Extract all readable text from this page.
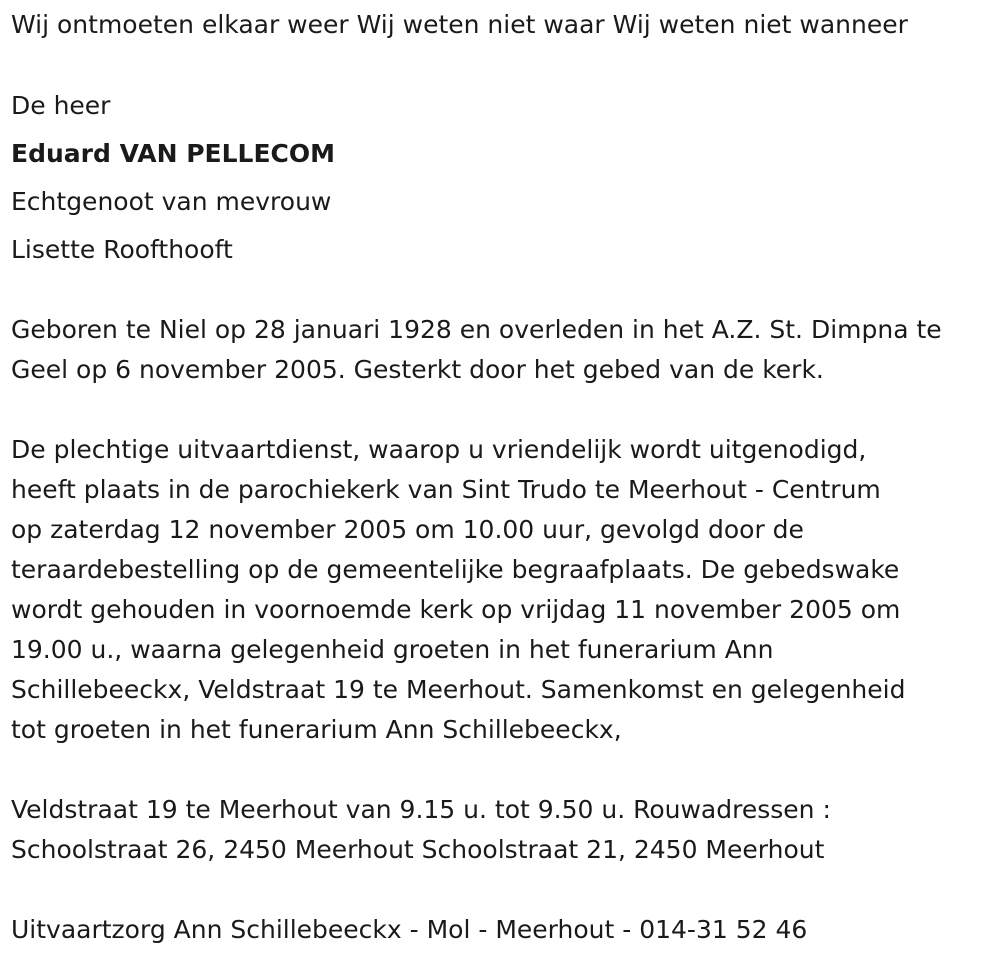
Wij ontmoeten elkaar weer Wij weten niet waar Wij weten niet wanneer
De heer
Eduard VAN PELLECOM
Echtgenoot van mevrouw
Lisette Roofthooft
Geboren te Niel op 28 januari 1928 en overleden in het A.Z. St. Dimpna te
Geel op 6 november 2005. Gesterkt door het gebed van de kerk.
De plechtige uitvaartdienst, waarop u vriendelijk wordt uitgenodigd,
heeft plaats in de parochiekerk van Sint Trudo te Meerhout - Centrum
op zaterdag 12 november 2005 om 10.00 uur, gevolgd door de
teraardebestelling op de gemeentelijke begraafplaats. De gebedswake
wordt gehouden in voornoemde kerk op vrijdag 11 november 2005 om
19.00 u., waarna gelegenheid groeten in het funerarium Ann
Schillebeeckx, Veldstraat 19 te Meerhout. Samenkomst en gelegenheid
tot groeten in het funerarium Ann Schillebeeckx,
Veldstraat 19 te Meerhout van 9.15 u. tot 9.50 u. Rouwadressen :
Schoolstraat 26, 2450 Meerhout Schoolstraat 21, 2450 Meerhout
Uitvaartzorg Ann Schillebeeckx - Mol - Meerhout - 014-31 52 46
